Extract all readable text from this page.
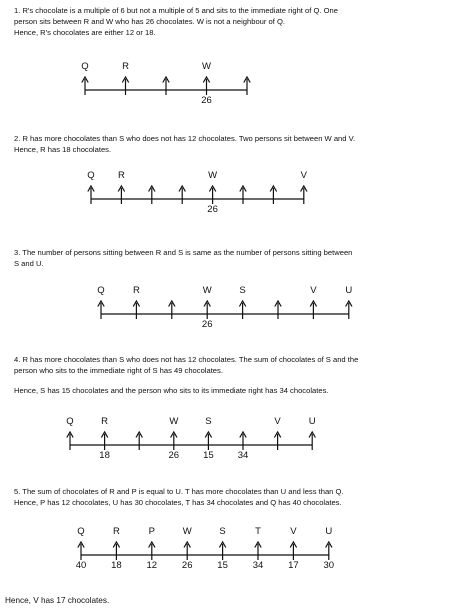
1. R's chocolate is a multiple of 6 but not a multiple of 5 and sits to the immediate right of Q. One
person sits between R and W who has 26 chocolates. W is not a neighbour of Q.
Hence, R's chocolates are either 12 or 18.
Q	R	W
26
2. R has more chocolates than S who does not has 12 chocolates. Two persons sit between W and V.
Hence, R has 18 chocolates.
Q R	W
26
V
3. The number of persons sitting between R and S is same as the number of persons sitting between
S and U.
Q	R	W
26
S	V	U
4. R has more chocolates than S who does not has 12 chocolates. The sum of chocolates of S and the
person who sits to the immediate right of S has 49 chocolates.
Hence, S has 15 chocolates and the person who sits to its immediate right has 34 chocolates.
Q	R
18
W
26
S
15	34
V	U
5. The sum of chocolates of R and P is equal to U. T has more chocolates than U and less than Q.
Hence, P has 12 chocolates, U has 30 chocolates, T has 34 chocolates and Q has 40 chocolates.
Q
40
R
18
P
12
W
26
S
15
T
34
V
17
U
30
Hence, V has 17 chocolates.
